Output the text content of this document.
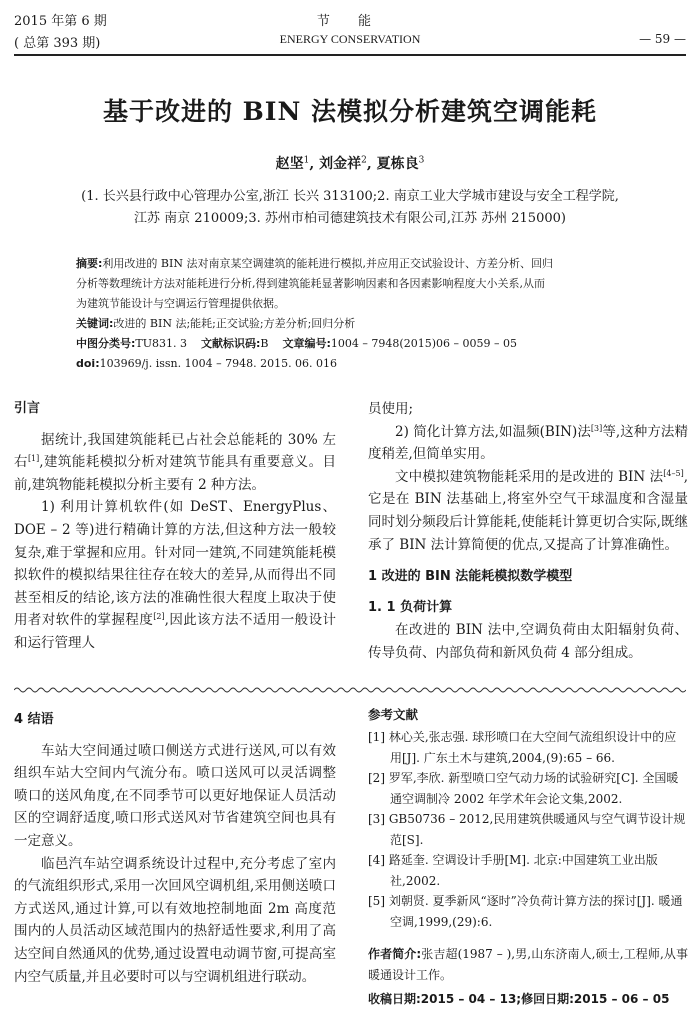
2015 年第 6 期
( 总第 393 期)
节 能
ENERGY CONSERVATION	— 59 —
基于改进的 BIN 法模拟分析建筑空调能耗
赵坚$^1$, 刘金祥$^2$, 夏栋良$^3$
(1. 长兴县行政中心管理办公室,浙江 长兴 313100;2. 南京工业大学城市建设与安全工程学院,
江苏 南京 210009;3. 苏州市柏司德建筑技术有限公司,江苏 苏州 215000)
摘要:利用改进的 BIN 法对南京某空调建筑的能耗进行模拟,并应用正交试验设计、方差分析、回归
分析等数理统计方法对能耗进行分析,得到建筑能耗显著影响因素和各因素影响程度大小关系,从而
为建筑节能设计与空调运行管理提供依据。
关键词:改进的 BIN 法;能耗;正交试验;方差分析;回归分析
中图分类号:TU831. 3 文献标识码:B 文章编号:1004 – 7948(2015)06 – 0059 – 05
doi:103969/j. issn. 1004 – 7948. 2015. 06. 016

引言

据统计,我国建筑能耗已占社会总能耗的 30% 左右[1],建筑能耗模拟分析对建筑节能具有重要意义。目前,建筑物能耗模拟分析主要有 2 种方法。

1) 利用计算机软件(如 DeST、EnergyPlus、DOE – 2 等)进行精确计算的方法,但这种方法一般较复杂,难于掌握和应用。针对同一建筑,不同建筑能耗模拟软件的模拟结果往往存在较大的差异,从而得出不同甚至相反的结论,该方法的准确性很大程度上取决于使用者对软件的掌握程度[2],因此该方法不适用一般设计和运行管理人

员使用;

2) 简化计算方法,如温频(BIN)法[3]等,这种方法精度稍差,但简单实用。

文中模拟建筑物能耗采用的是改进的 BIN 法[4–5],它是在 BIN 法基础上,将室外空气干球温度和含湿量同时划分频段后计算能耗,使能耗计算更切合实际,既继承了 BIN 法计算简便的优点,又提高了计算准确性。

1 改进的 BIN 法能耗模拟数学模型

1. 1 负荷计算

在改进的 BIN 法中,空调负荷由太阳辐射负荷、传导负荷、内部负荷和新风负荷 4 部分组成。

4 结语

车站大空间通过喷口侧送方式进行送风,可以有效组织车站大空间内气流分布。喷口送风可以灵活调整喷口的送风角度,在不同季节可以更好地保证人员活动区的空调舒适度,喷口形式送风对节省建筑空间也具有一定意义。

临邑汽车站空调系统设计过程中,充分考虑了室内的气流组织形式,采用一次回风空调机组,采用侧送喷口方式送风,通过计算,可以有效地控制地面 2m 高度范围内的人员活动区域范围内的热舒适性要求,利用了高达空间自然通风的优势,通过设置电动调节窗,可提高室内空气质量,并且必要时可以与空调机组进行联动。

参考文献
[1] 林心关,张志强. 球形喷口在大空间气流组织设计中的应用[J]. 广东土木与建筑,2004,(9):65 – 66.
[2] 罗军,李欣. 新型喷口空气动力场的试验研究[C]. 全国暖通空调制冷 2002 年学术年会论文集,2002.
[3] GB50736 – 2012,民用建筑供暖通风与空气调节设计规范[S].
[4] 路延奎. 空调设计手册[M]. 北京:中国建筑工业出版社,2002.
[5] 刘朝贤. 夏季新风“逐时”冷负荷计算方法的探讨[J]. 暖通空调,1999,(29):6.
作者简介:张吉超(1987 – ),男,山东济南人,硕士,工程师,从事暖通设计工作。
收稿日期:2015 – 04 – 13;修回日期:2015 – 06 – 05
